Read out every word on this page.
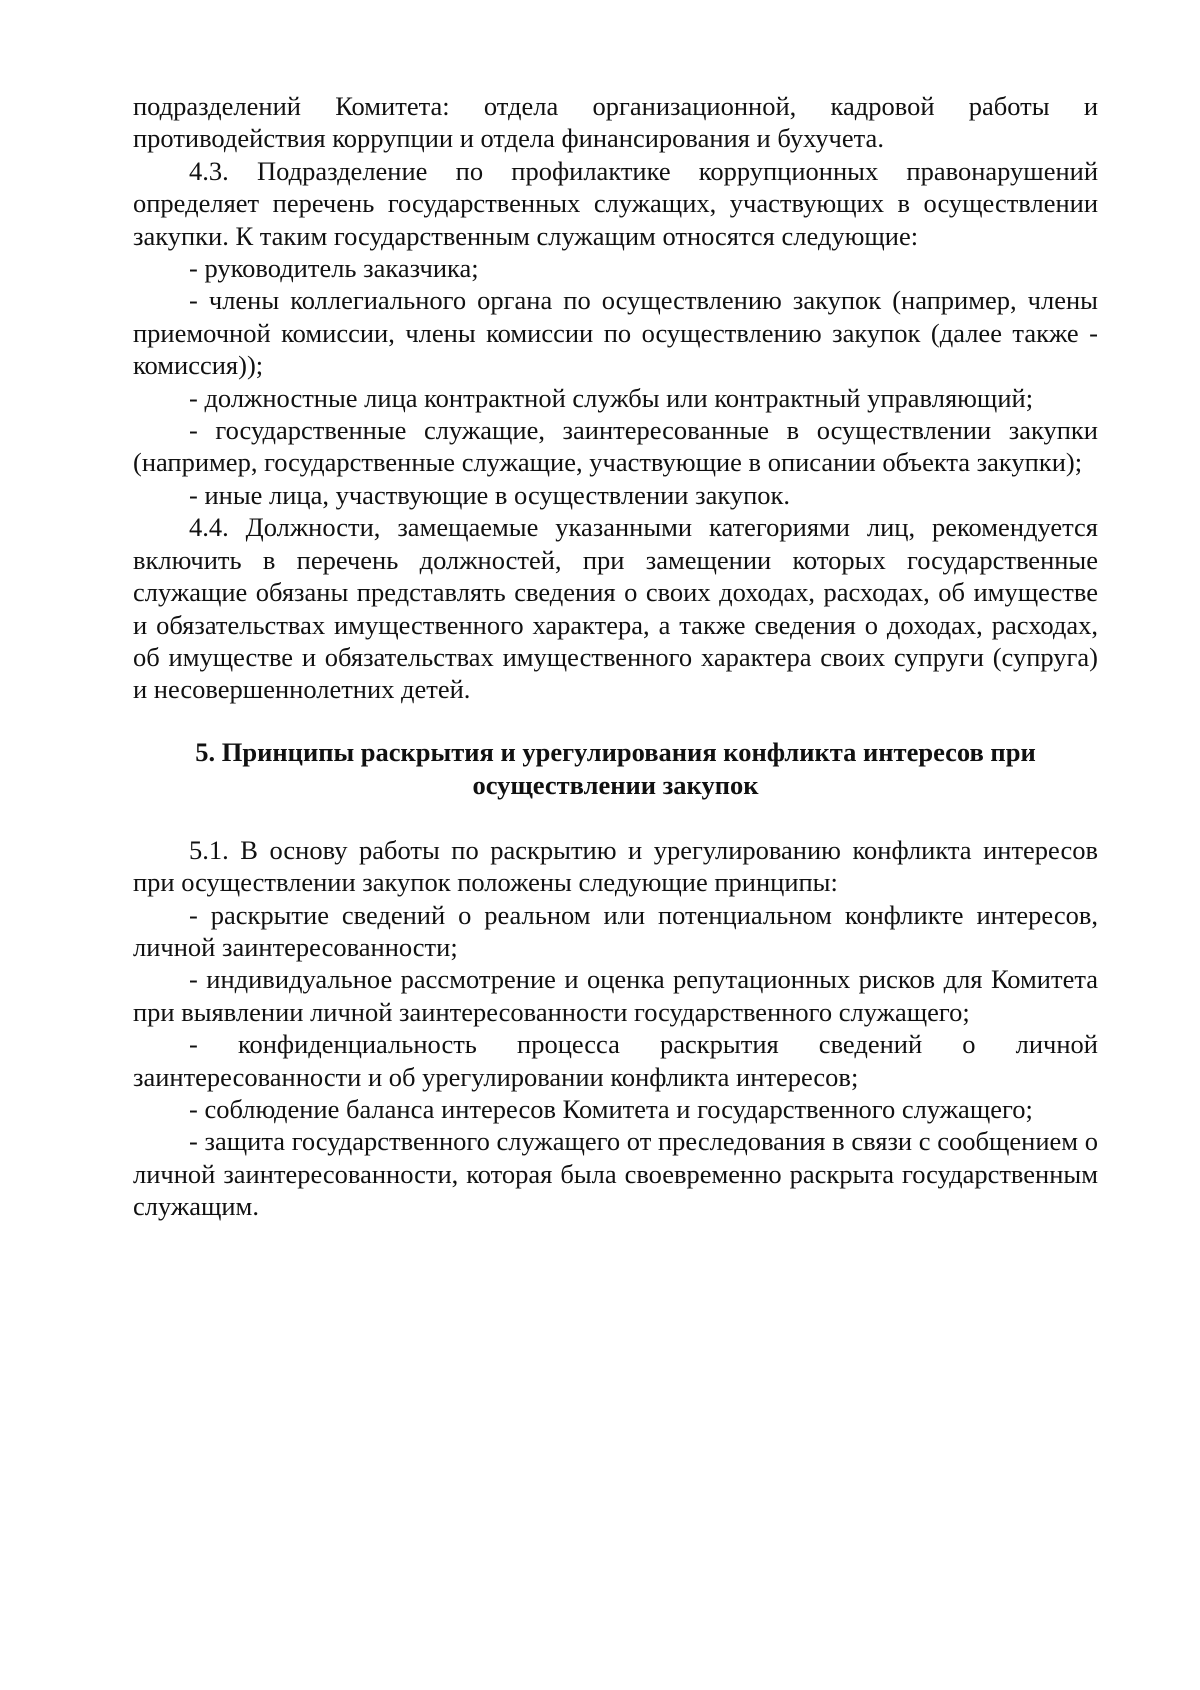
подразделений Комитета: отдела организационной, кадровой работы и противодействия коррупции и отдела финансирования и бухучета.

4.3. Подразделение по профилактике коррупционных правонарушений определяет перечень государственных служащих, участвующих в осуществлении закупки. К таким государственным служащим относятся следующие:

- руководитель заказчика;

- члены коллегиального органа по осуществлению закупок (например, члены приемочной комиссии, члены комиссии по осуществлению закупок (далее также - комиссия));

- должностные лица контрактной службы или контрактный управляющий;

- государственные служащие, заинтересованные в осуществлении закупки (например, государственные служащие, участвующие в описании объекта закупки);

- иные лица, участвующие в осуществлении закупок.

4.4. Должности, замещаемые указанными категориями лиц, рекомендуется включить в перечень должностей, при замещении которых государственные служащие обязаны представлять сведения о своих доходах, расходах, об имуществе и обязательствах имущественного характера, а также сведения о доходах, расходах, об имуществе и обязательствах имущественного характера своих супруги (супруга) и несовершеннолетних детей.

5. Принципы раскрытия и урегулирования конфликта интересов при
осуществлении закупок

5.1. В основу работы по раскрытию и урегулированию конфликта интересов при осуществлении закупок положены следующие принципы:

- раскрытие сведений о реальном или потенциальном конфликте интересов, личной заинтересованности;

- индивидуальное рассмотрение и оценка репутационных рисков для Комитета при выявлении личной заинтересованности государственного служащего;

- конфиденциальность процесса раскрытия сведений о личной заинтересованности и об урегулировании конфликта интересов;

- соблюдение баланса интересов Комитета и государственного служащего;

- защита государственного служащего от преследования в связи с сообщением о личной заинтересованности, которая была своевременно раскрыта государственным служащим.
